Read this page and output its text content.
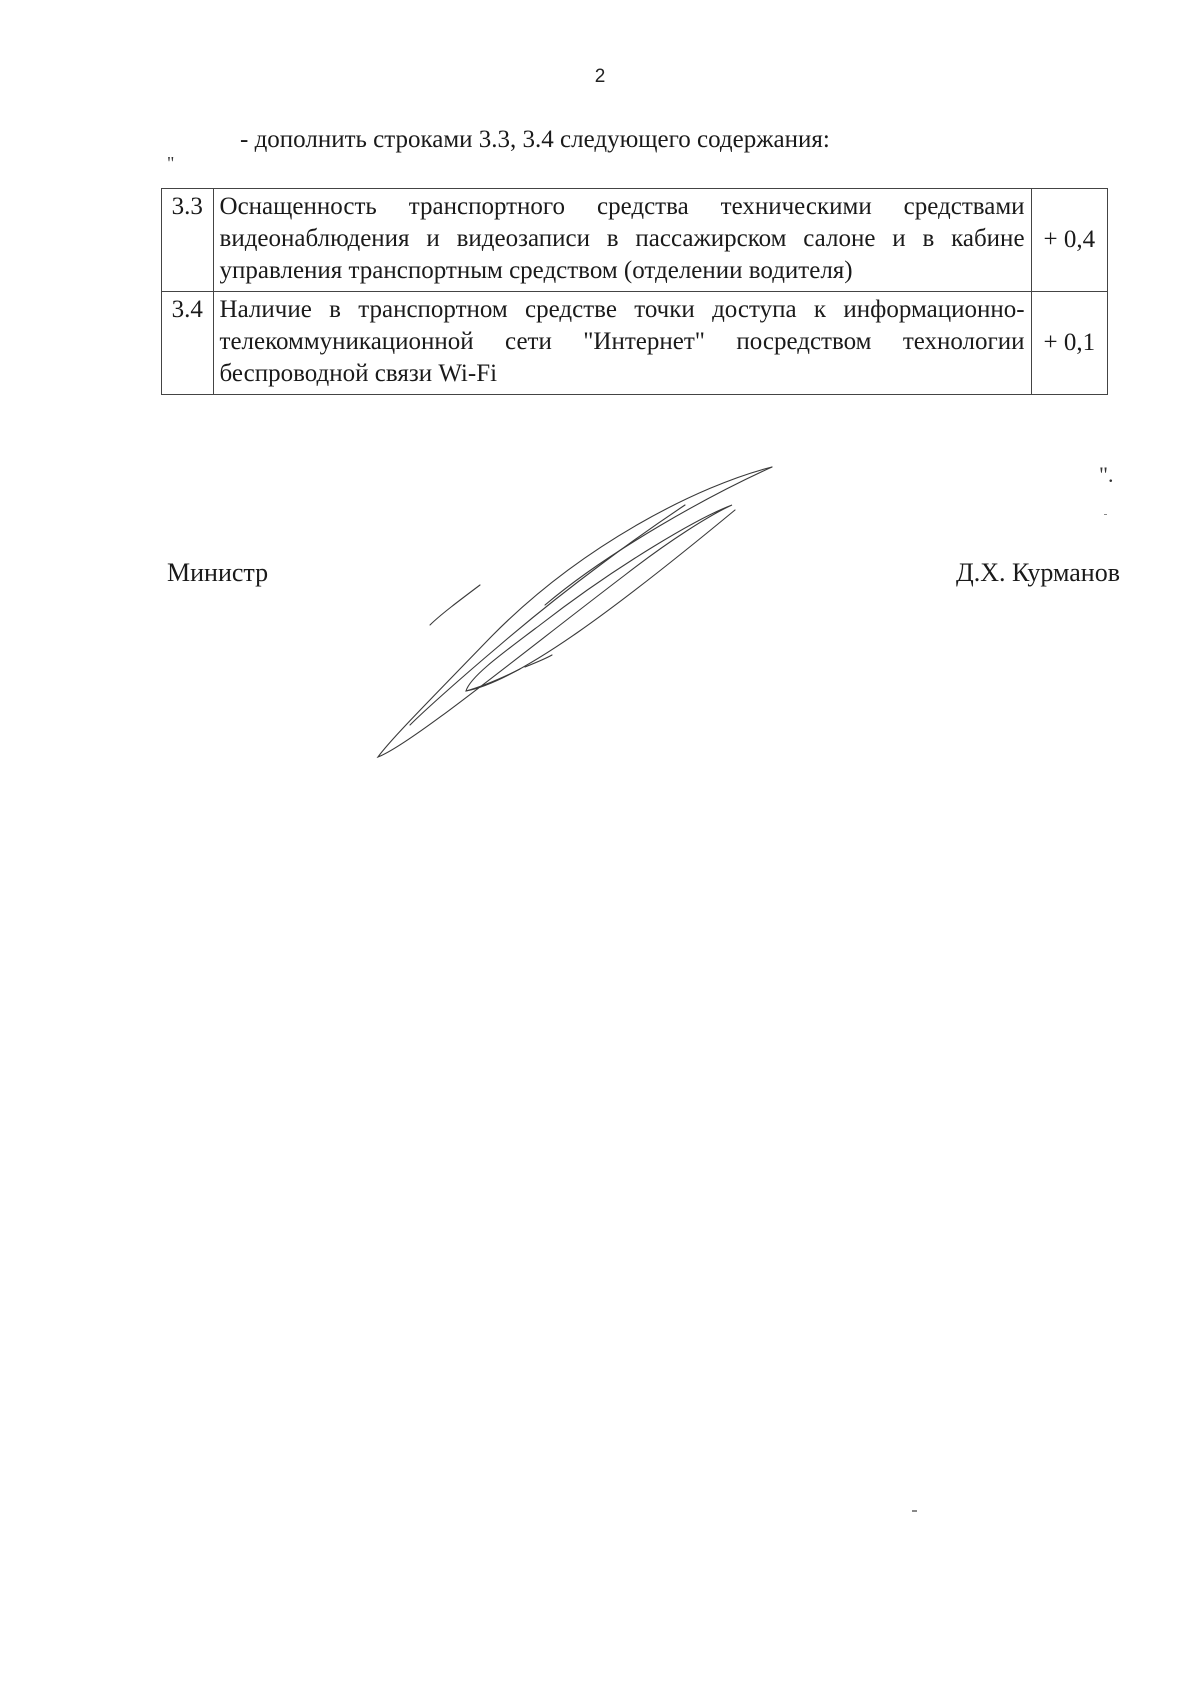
2
- дополнить строками 3.3, 3.4 следующего содержания:
"
3.3	Оснащенность транспортного средства техническими средствами видеонаблюдения и видеозаписи в пассажирском салоне и в кабине управления транспортным средством (отделении водителя)	+ 0,4
3.4	Наличие в транспортном средстве точки доступа к информационно-телекоммуникационной сети "Интернет" посредством технологии беспроводной связи Wi-Fi	+ 0,1
".
Министр	Д.Х. Курманов
